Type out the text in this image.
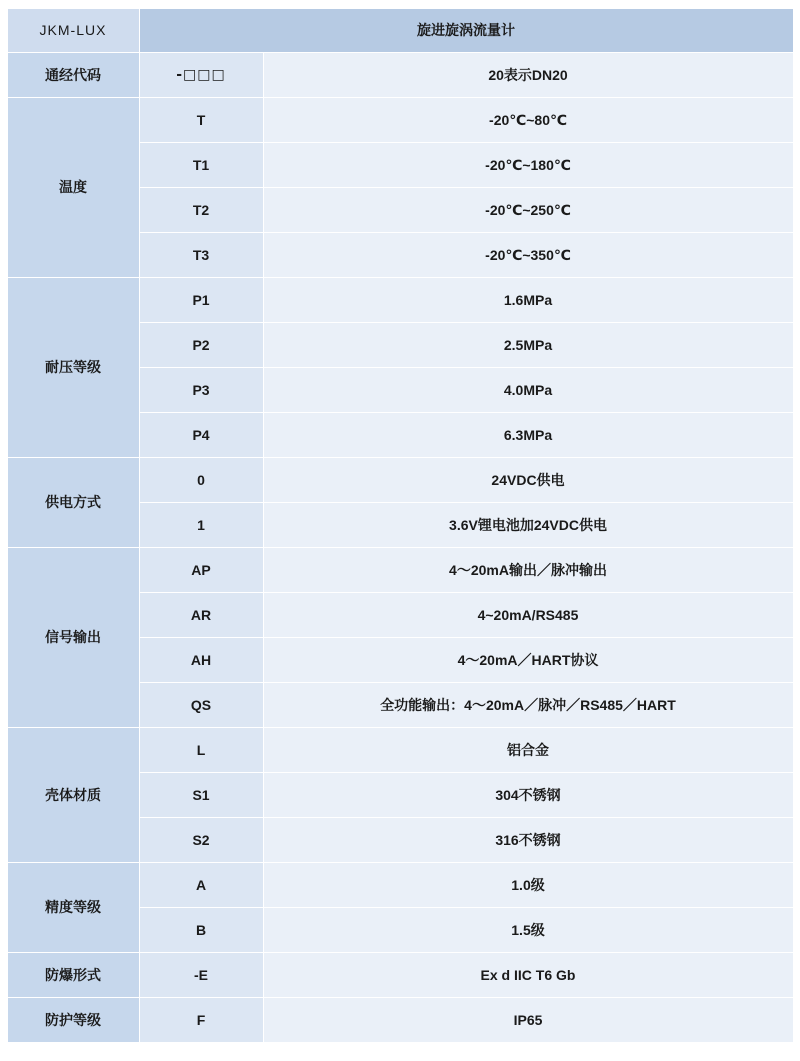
JKM-LUX	旋进旋涡流量计	
通经代码	-□□□	20表示DN20
温度	T	-20℃~80℃
	T1	-20℃~180℃
	T2	-20℃~250℃
	T3	-20℃~350℃
耐压等级	P1	1.6MPa
	P2	2.5MPa
	P3	4.0MPa
	P4	6.3MPa
供电方式	0	24VDC供电
	1	3.6V锂电池加24VDC供电
信号输出	AP	4～20mA输出／脉冲输出
	AR	4~20mA/RS485
	AH	4～20mA／HART协议
	QS	全功能输出：4～20mA／脉冲／RS485／HART
壳体材质	L	铝合金
	S1	304不锈钢
	S2	316不锈钢
精度等级	A	1.0级
	B	1.5级
防爆形式	-E	Ex d IIC T6 Gb
防护等级	F	IP65
